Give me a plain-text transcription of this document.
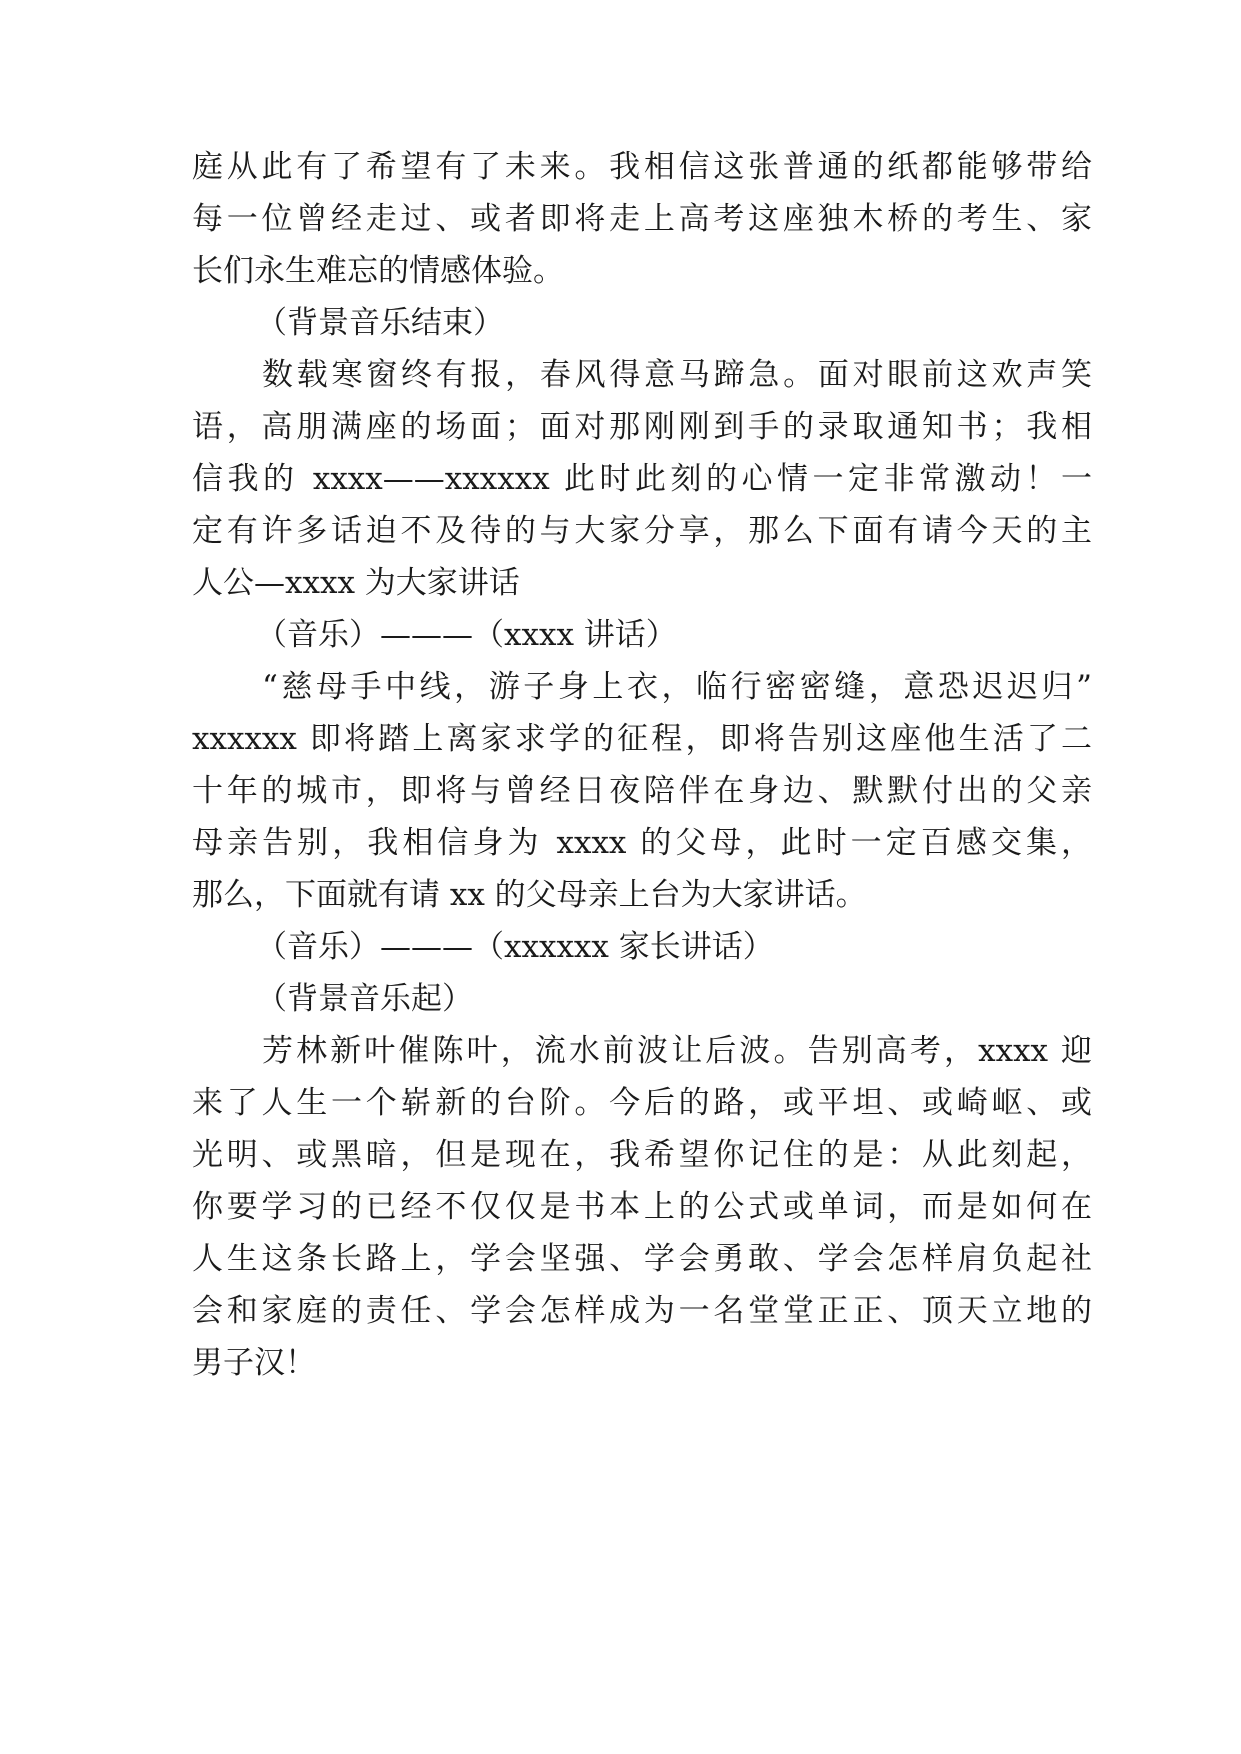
庭从此有了希望有了未来。我相信这张普通的纸都能够带给
每一位曾经走过、或者即将走上高考这座独木桥的考生、家
长们永生难忘的情感体验。
（背景音乐结束）
数载寒窗终有报，春风得意马蹄急。面对眼前这欢声笑
语，高朋满座的场面；面对那刚刚到手的录取通知书；我相
信我的 xxxx——xxxxxx 此时此刻的心情一定非常激动！一
定有许多话迫不及待的与大家分享，那么下面有请今天的主
人公—xxxx 为大家讲话
（音乐）———（xxxx 讲话）
“慈母手中线，游子身上衣，临行密密缝，意恐迟迟归”
xxxxxx 即将踏上离家求学的征程，即将告别这座他生活了二
十年的城市，即将与曾经日夜陪伴在身边、默默付出的父亲
母亲告别，我相信身为 xxxx 的父母，此时一定百感交集，
那么，下面就有请 xx 的父母亲上台为大家讲话。
（音乐）———（xxxxxx 家长讲话）
（背景音乐起）
芳林新叶催陈叶，流水前波让后波。告别高考，xxxx 迎
来了人生一个崭新的台阶。今后的路，或平坦、或崎岖、或
光明、或黑暗，但是现在，我希望你记住的是：从此刻起，
你要学习的已经不仅仅是书本上的公式或单词，而是如何在
人生这条长路上，学会坚强、学会勇敢、学会怎样肩负起社
会和家庭的责任、学会怎样成为一名堂堂正正、顶天立地的
男子汉！
